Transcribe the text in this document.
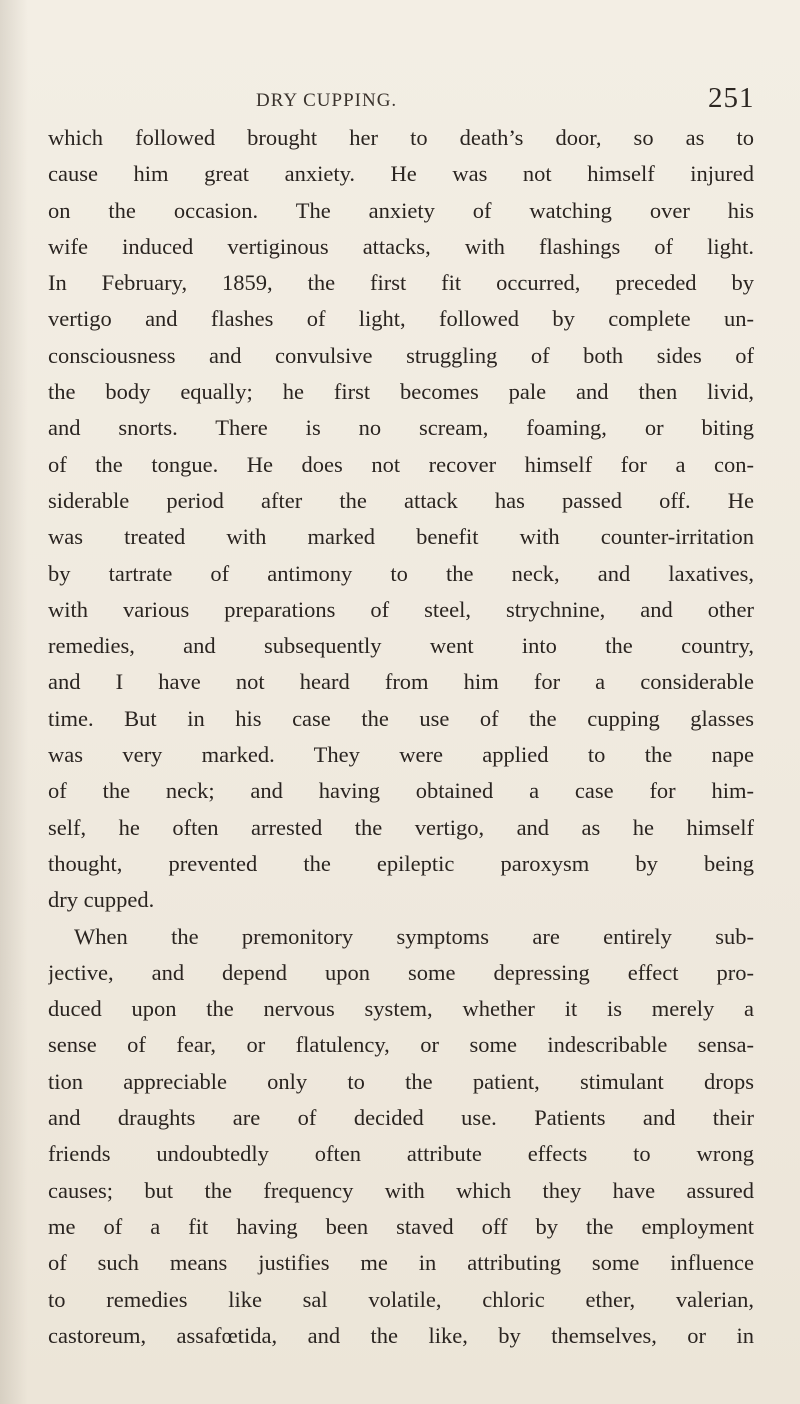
DRY CUPPING.	251
which followed brought her to death’s door, so as to
cause him great anxiety. He was not himself injured
on the occasion. The anxiety of watching over his
wife induced vertiginous attacks, with flashings of light.
In February, 1859, the first fit occurred, preceded by
vertigo and flashes of light, followed by complete un-
consciousness and convulsive struggling of both sides of
the body equally; he first becomes pale and then livid,
and snorts. There is no scream, foaming, or biting
of the tongue. He does not recover himself for a con-
siderable period after the attack has passed off. He
was treated with marked benefit with counter-irritation
by tartrate of antimony to the neck, and laxatives,
with various preparations of steel, strychnine, and other
remedies, and subsequently went into the country,
and I have not heard from him for a considerable
time. But in his case the use of the cupping glasses
was very marked. They were applied to the nape
of the neck; and having obtained a case for him-
self, he often arrested the vertigo, and as he himself
thought, prevented the epileptic paroxysm by being
dry cupped.
When the premonitory symptoms are entirely sub-
jective, and depend upon some depressing effect pro-
duced upon the nervous system, whether it is merely a
sense of fear, or flatulency, or some indescribable sensa-
tion appreciable only to the patient, stimulant drops
and draughts are of decided use. Patients and their
friends undoubtedly often attribute effects to wrong
causes; but the frequency with which they have assured
me of a fit having been staved off by the employment
of such means justifies me in attributing some influence
to remedies like sal volatile, chloric ether, valerian,
castoreum, assafœtida, and the like, by themselves, or in
